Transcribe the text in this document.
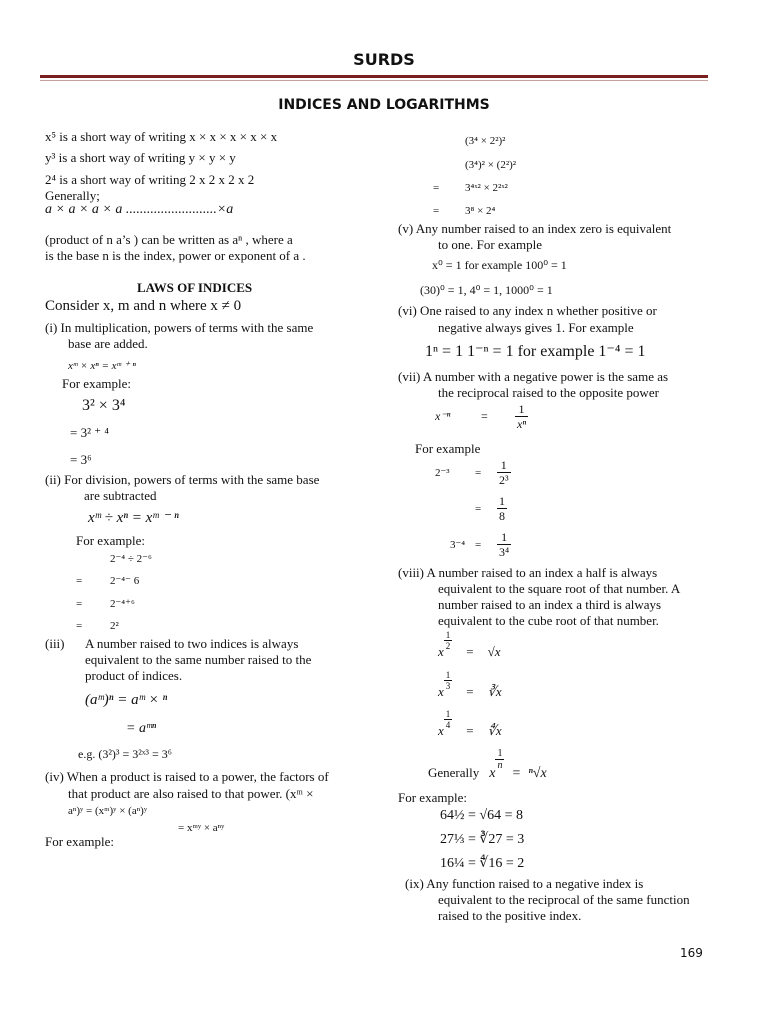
SURDS
INDICES AND LOGARITHMS
x⁵ is a short way of writing x × x × x × x × x
y³ is a short way of writing y × y × y
2⁴ is a short way of writing 2 x 2 x 2 x 2
Generally;
a × a × a × a ..........................×a
(product of n a’s ) can be written as aⁿ , where a
is the base n is the index, power or exponent of a .
LAWS OF INDICES
Consider x, m and n where x ≠ 0
(i) In multiplication, powers of terms with the same
base are added.
xᵐ × xⁿ = xᵐ ⁺ ⁿ
For example:
3² × 3⁴
= 3² ⁺ ⁴
= 3⁶
(ii) For division, powers of terms with the same base
are subtracted
xᵐ ÷ xⁿ = xᵐ ⁻ ⁿ
For example:
2⁻⁴ ÷ 2⁻⁶
=	2⁻⁴⁻ 6
=	2⁻⁴⁺⁶
=	2²
(iii) A number raised to two indices is always
equivalent to the same number raised to the
product of indices.
(aᵐ)ⁿ = aᵐ × ⁿ
= aᵐⁿ
e.g. (3²)³ = 3²ˣ³ = 3⁶
(iv) When a product is raised to a power, the factors of
that product are also raised to that power. (xᵐ ×
aⁿ)ʸ = (xᵐ)ʸ × (aⁿ)ʸ
= xᵐʸ × aⁿʸ
For example:
(3⁴ × 2²)²
(3⁴)² × (2²)²
= 3⁴ˣ² × 2²ˣ²
= 3⁸ × 2⁴
(v) Any number raised to an index zero is equivalent
to one. For example
x⁰ = 1 for example 100⁰ = 1
(30)⁰ = 1, 4⁰ = 1, 1000⁰ = 1
(vi) One raised to any index n whether positive or
negative always gives 1. For example
1ⁿ = 1 1⁻ⁿ = 1 for example 1⁻⁴ = 1
(vii) A number with a negative power is the same as
the reciprocal raised to the opposite power
x⁻ⁿ	= $\frac{1}{\text{xⁿ}}$
For example
$2^{-3} = \frac{1}{\text{2³}}$
= $\frac{1}{8}$
$3^{-4} = \frac{1}{\text{3⁴}}$
(viii) A number raised to an index a half is always
equivalent to the square root of that number. A
number raised to an index a third is always
equivalent to the cube root of that number.
x
$\frac{1}{2}$
= √x
x
$\frac{1}{3}$
= ∛x
x
$\frac{1}{4}$
= ∜x
Generally x
$\frac{1}{n}$
= ⁿ√x
For example:
64½ = √64 = 8
27⅓ = ∛27 = 3
16¼ = ∜16 = 2
(ix) Any function raised to a negative index is
equivalent to the reciprocal of the same function
raised to the positive index.
169
